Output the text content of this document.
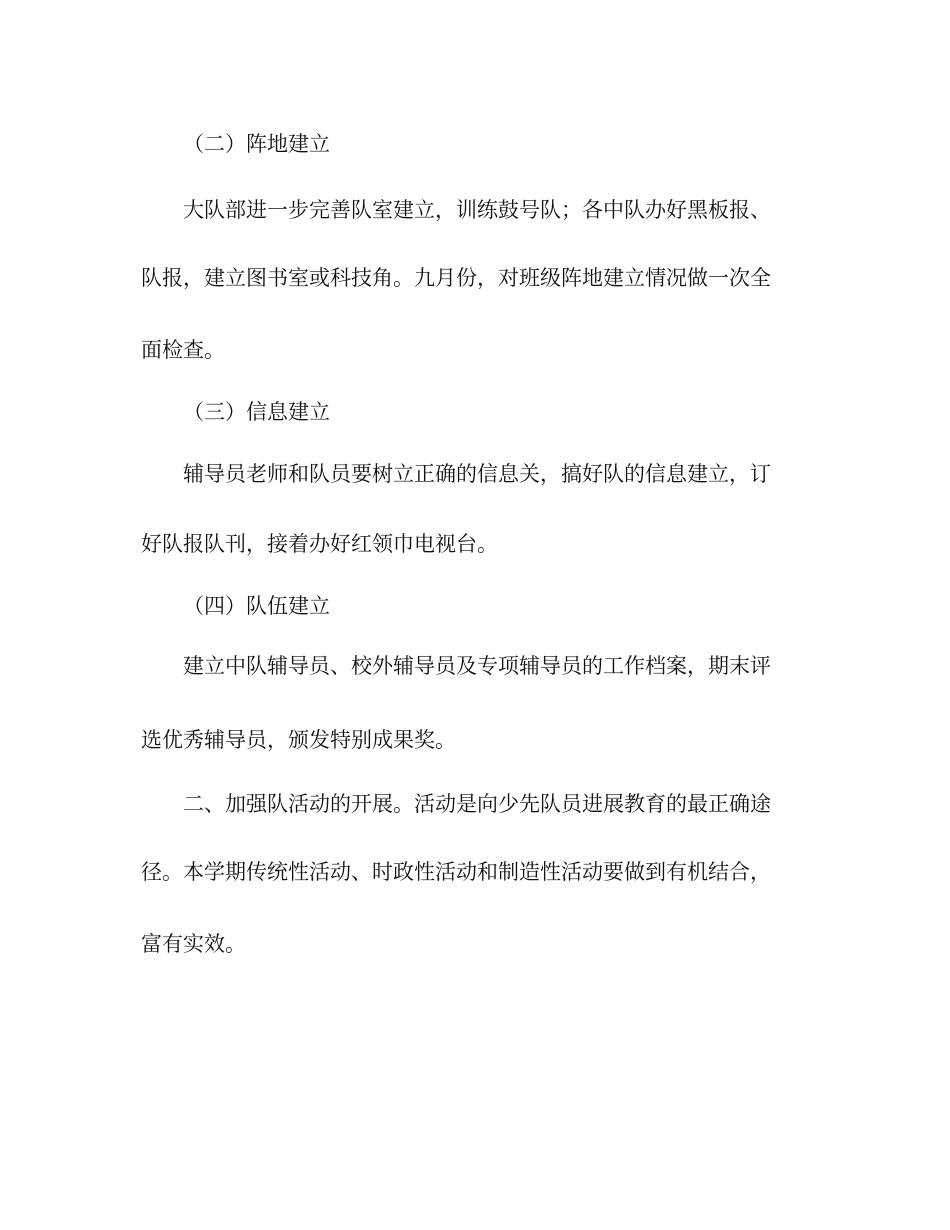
（二）阵地建立
大队部进一步完善队室建立，训练鼓号队；各中队办好黑板报、
队报，建立图书室或科技角。九月份，对班级阵地建立情况做一次全
面检查。
（三）信息建立
辅导员老师和队员要树立正确的信息关，搞好队的信息建立，订
好队报队刊，接着办好红领巾电视台。
（四）队伍建立
建立中队辅导员、校外辅导员及专项辅导员的工作档案，期末评
选优秀辅导员，颁发特别成果奖。
二、加强队活动的开展。活动是向少先队员进展教育的最正确途
径。本学期传统性活动、时政性活动和制造性活动要做到有机结合，
富有实效。
